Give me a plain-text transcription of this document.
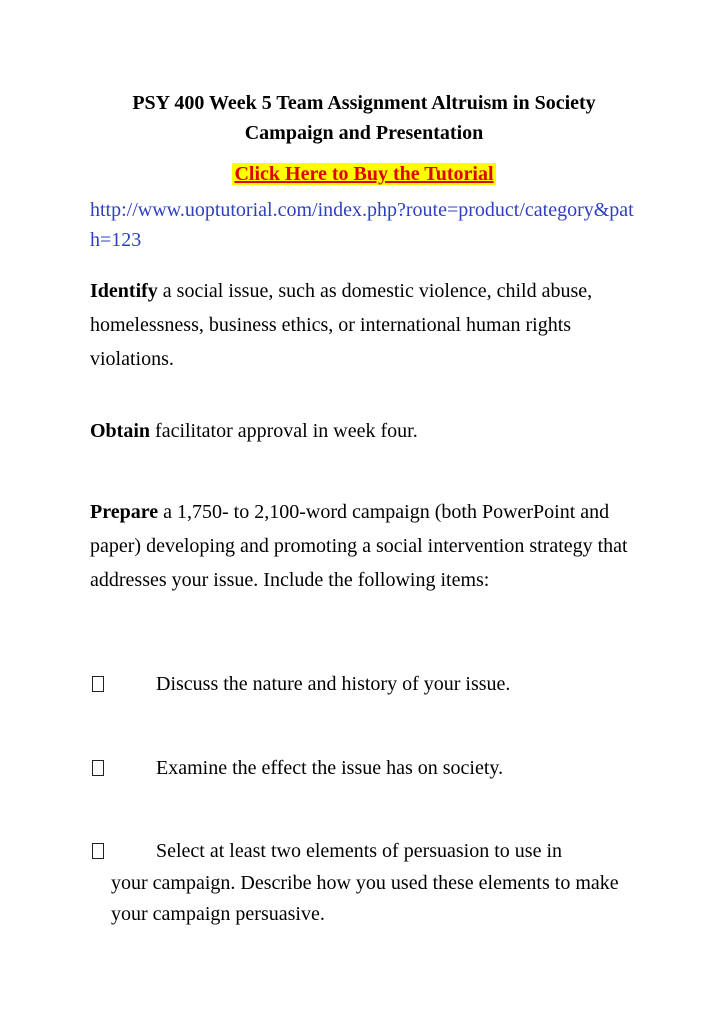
PSY 400 Week 5 Team Assignment Altruism in Society Campaign and Presentation
Click Here to Buy the Tutorial
http://www.uoptutorial.com/index.php?route=product/category&path=123
Identify a social issue, such as domestic violence, child abuse, homelessness, business ethics, or international human rights violations.
Obtain facilitator approval in week four.
Prepare a 1,750- to 2,100-word campaign (both PowerPoint and paper) developing and promoting a social intervention strategy that addresses your issue. Include the following items:
Discuss the nature and history of your issue.
Examine the effect the issue has on society.
Select at least two elements of persuasion to use in
your campaign. Describe how you used these elements to make your campaign persuasive.
